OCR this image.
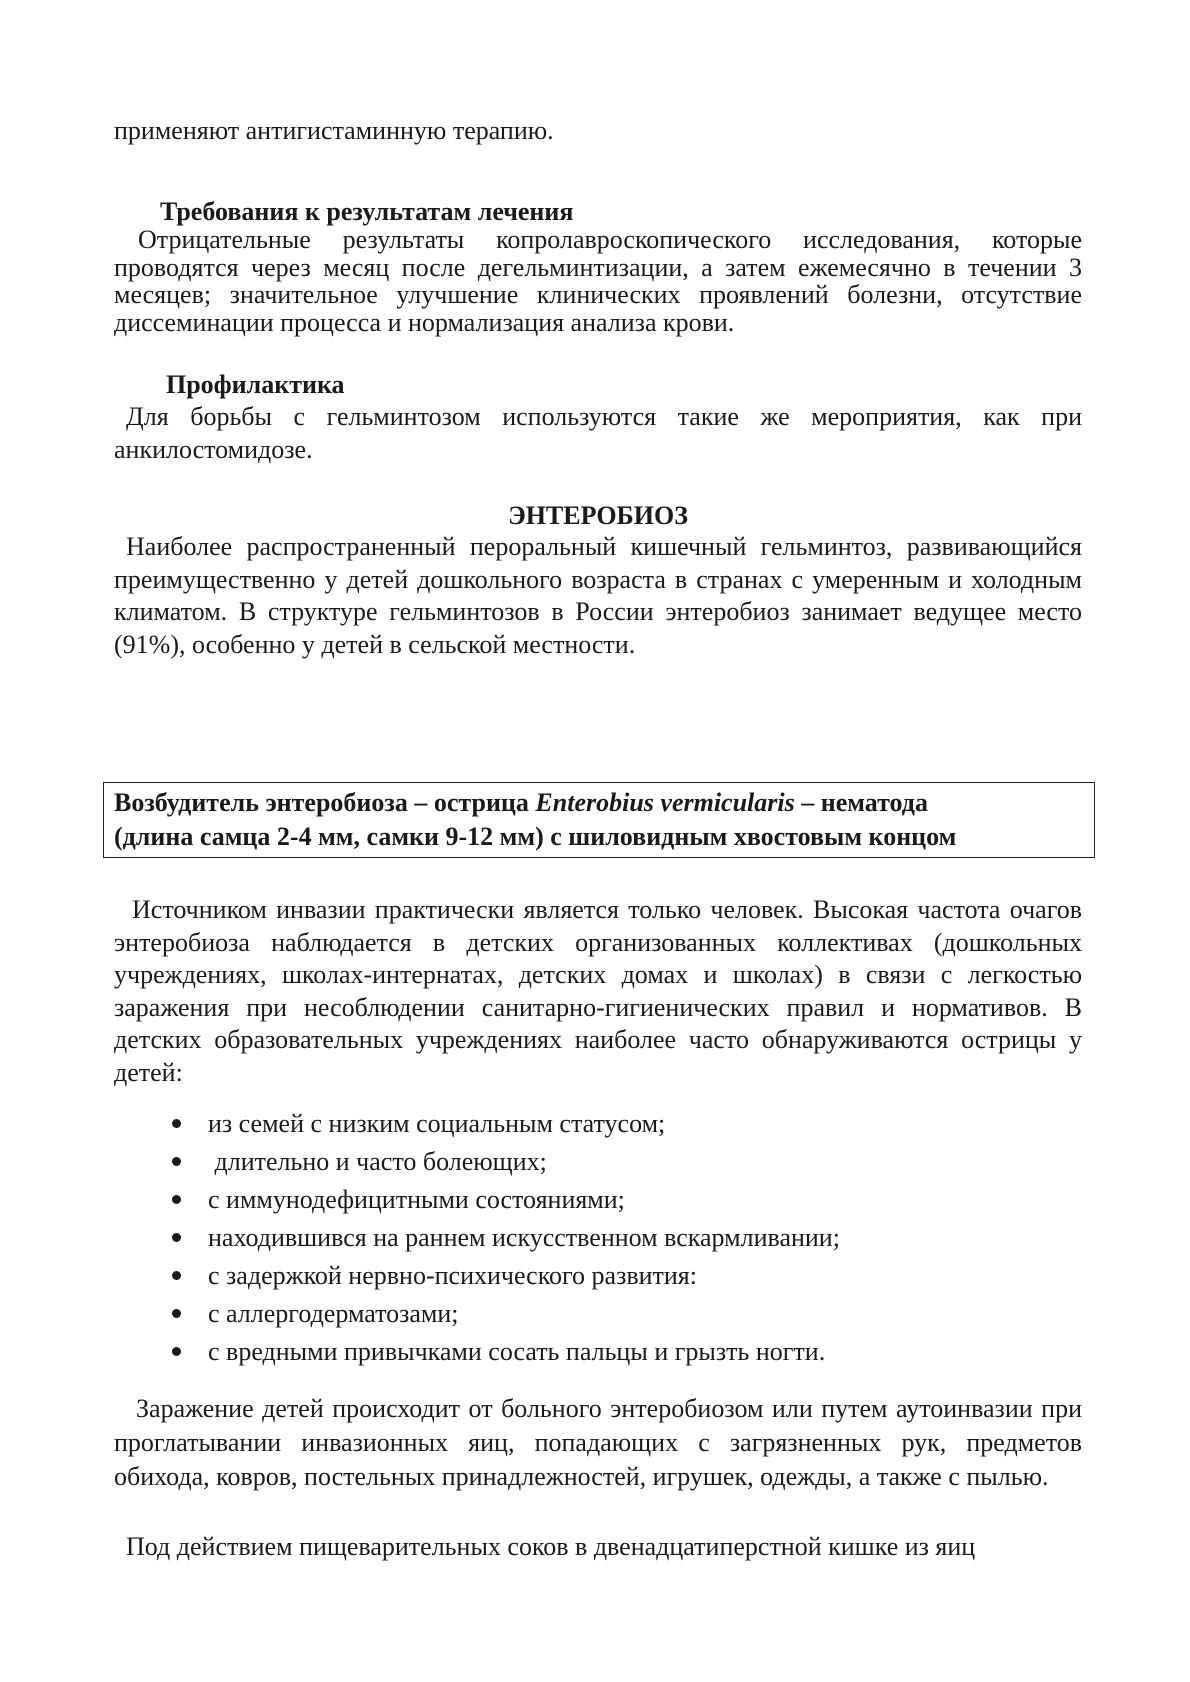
применяют антигистаминную терапию.

Требования к результатам лечения

Отрицательные результаты копролавроскопического исследования, которые проводятся через месяц после дегельминтизации, а затем ежемесячно в течении 3 месяцев; значительное улучшение клинических проявлений болезни, отсутствие диссеминации процесса и нормализация анализа крови.

Профилактика

Для борьбы с гельминтозом используются такие же мероприятия, как при анкилостомидозе.

ЭНТЕРОБИОЗ

Наиболее распространенный пероральный кишечный гельминтоз, развивающийся преимущественно у детей дошкольного возраста в странах с умеренным и холодным климатом. В структуре гельминтозов в России энтеробиоз занимает ведущее место (91%), особенно у детей в сельской местности.

Возбудитель энтеробиоза – острица Enterobius vermicularis – нематода
(длина самца 2-4 мм, самки 9-12 мм) с шиловидным хвостовым концом

Источником инвазии практически является только человек. Высокая частота очагов энтеробиоза наблюдается в детских организованных коллективах (дошкольных учреждениях, школах-интернатах, детских домах и школах) в связи с легкостью заражения при несоблюдении санитарно-гигиенических правил и нормативов. В детских образовательных учреждениях наиболее часто обнаруживаются острицы у детей:

из семей с низким социальным статусом;
длительно и часто болеющих;
с иммунодефицитными состояниями;
находившився на раннем искусственном вскармливании;
с задержкой нервно-психического развития:
с аллергодерматозами;
с вредными привычками сосать пальцы и грызть ногти.

Заражение детей происходит от больного энтеробиозом или путем аутоинвазии при проглатывании инвазионных яиц, попадающих с загрязненных рук, предметов обихода, ковров, постельных принадлежностей, игрушек, одежды, а также с пылью.

Под действием пищеварительных соков в двенадцатиперстной кишке из яиц
